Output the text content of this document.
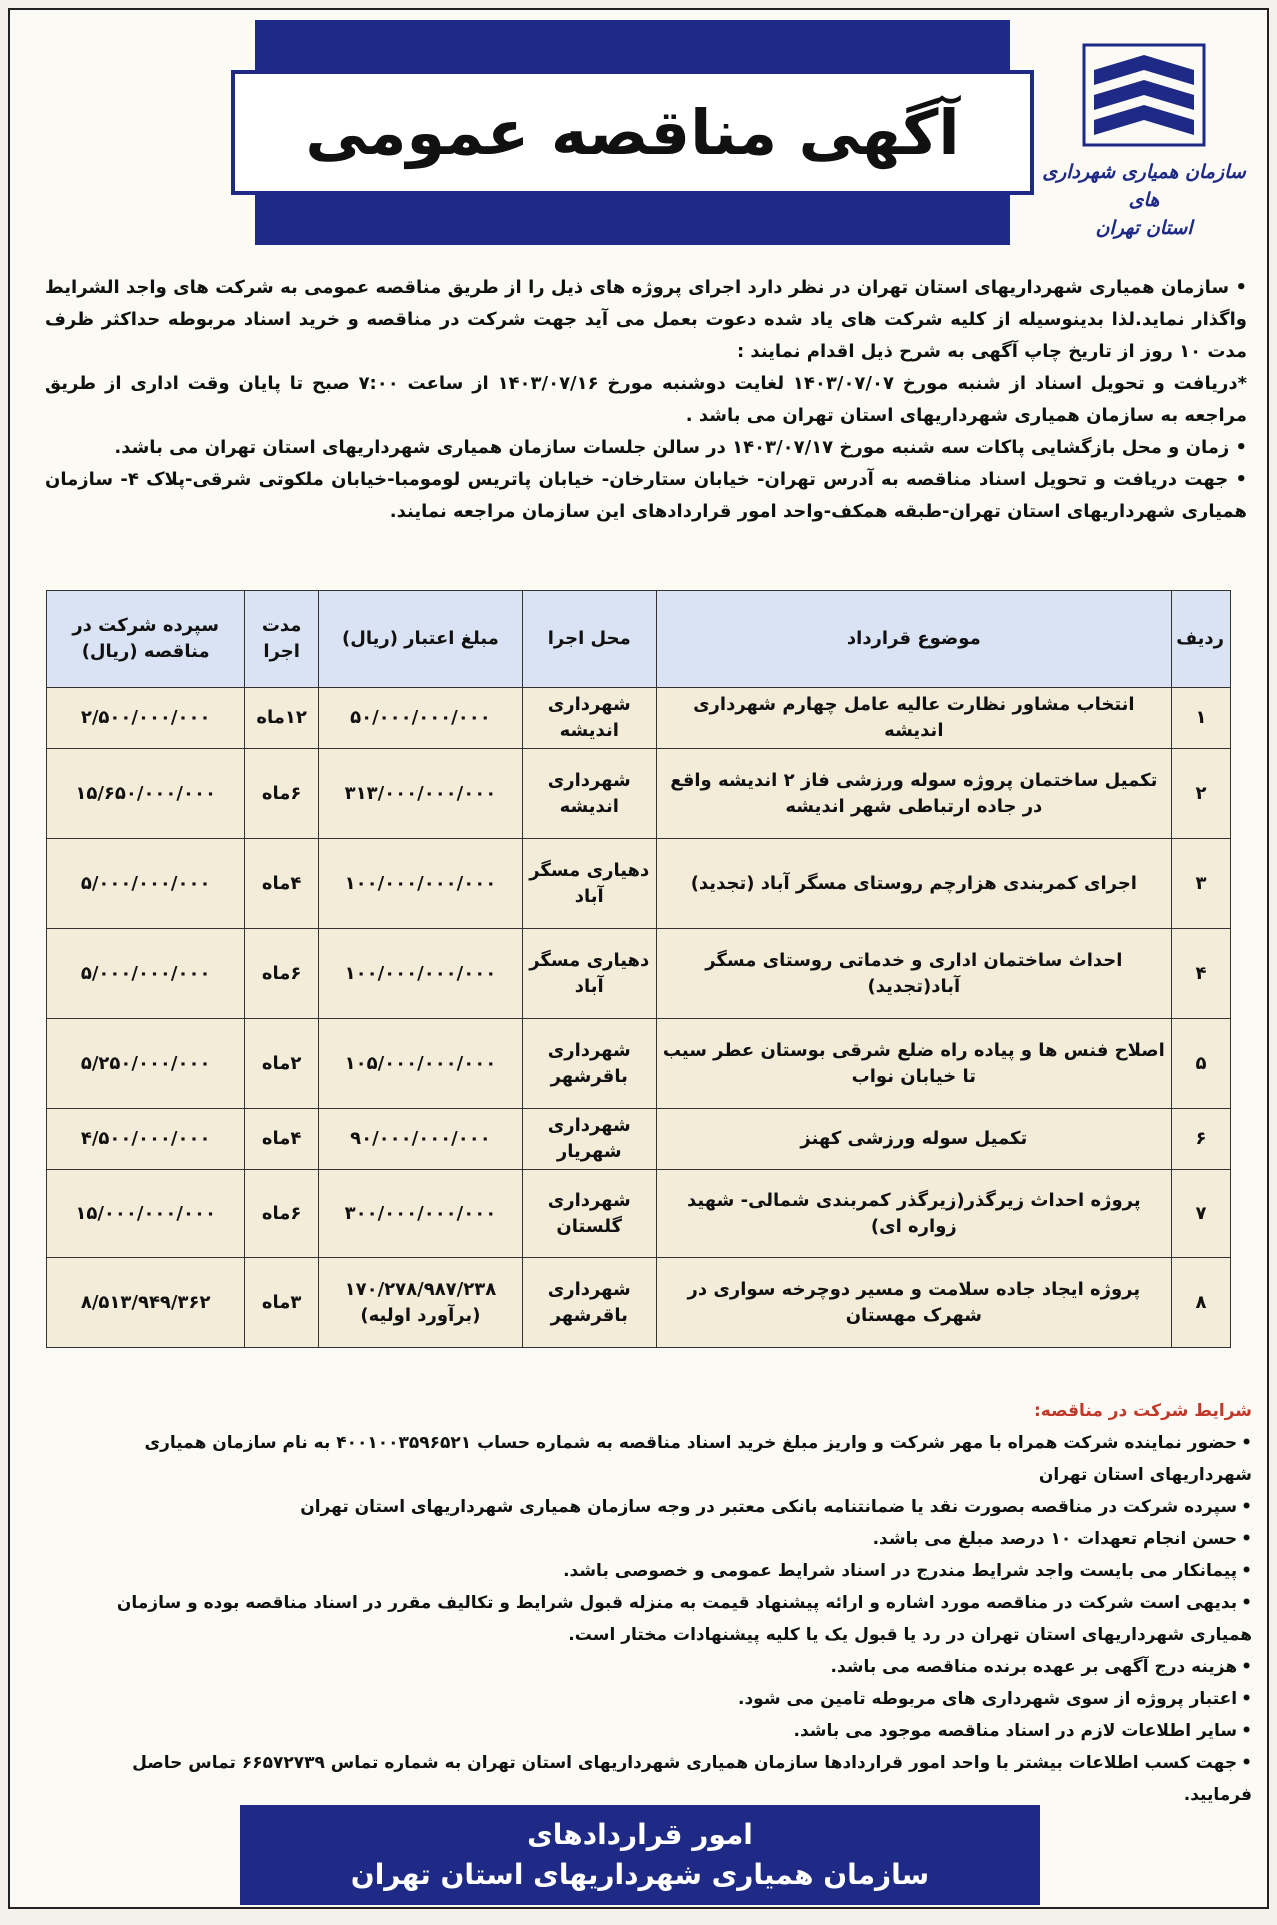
آگهی مناقصه عمومی
سازمان همیاری شهرداری های
استان تهران

• سازمان همیاری شهرداریهای استان تهران در نظر دارد اجرای پروژه های ذیل را از طریق مناقصه عمومی به شرکت های واجد الشرایط واگذار نماید.لذا بدینوسیله از کلیه شرکت های یاد شده دعوت بعمل می آید جهت شرکت در مناقصه و خرید اسناد مربوطه حداکثر ظرف مدت ۱۰ روز از تاریخ چاپ آگهی به شرح ذیل اقدام نمایند :

*دریافت و تحویل اسناد از شنبه مورخ ۱۴۰۳/۰۷/۰۷ لغایت دوشنبه مورخ ۱۴۰۳/۰۷/۱۶ از ساعت ۷:۰۰ صبح تا پایان وقت اداری از طریق مراجعه به سازمان همیاری شهرداریهای استان تهران می باشد .

• زمان و محل بازگشایی پاکات سه شنبه مورخ ۱۴۰۳/۰۷/۱۷ در سالن جلسات سازمان همیاری شهرداریهای استان تهران می باشد.

• جهت دریافت و تحویل اسناد مناقصه به آدرس تهران- خیابان ستارخان- خیابان پاتریس لومومبا-خیابان ملکوتی شرقی-پلاک ۴- سازمان همیاری شهرداریهای استان تهران-طبقه همکف-واحد امور قراردادهای این سازمان مراجعه نمایند.

ردیف	موضوع قرارداد	محل اجرا	مبلغ اعتبار (ریال)	مدت اجرا	سپرده شرکت در مناقصه (ریال)
۱	انتخاب مشاور نظارت عالیه عامل چهارم شهرداری اندیشه	شهرداری اندیشه	۵۰/۰۰۰/۰۰۰/۰۰۰	۱۲ماه	۲/۵۰۰/۰۰۰/۰۰۰
۲	تکمیل ساختمان پروژه سوله ورزشی فاز ۲ اندیشه واقع در جاده ارتباطی شهر اندیشه	شهرداری اندیشه	۳۱۳/۰۰۰/۰۰۰/۰۰۰	۶ماه	۱۵/۶۵۰/۰۰۰/۰۰۰
۳	اجرای کمربندی هزارچم روستای مسگر آباد (تجدید)	دهیاری مسگر آباد	۱۰۰/۰۰۰/۰۰۰/۰۰۰	۴ماه	۵/۰۰۰/۰۰۰/۰۰۰
۴	احداث ساختمان اداری و خدماتی روستای مسگر آباد(تجدید)	دهیاری مسگر آباد	۱۰۰/۰۰۰/۰۰۰/۰۰۰	۶ماه	۵/۰۰۰/۰۰۰/۰۰۰
۵	اصلاح فنس ها و پیاده راه ضلع شرقی بوستان عطر سیب تا خیابان نواب	شهرداری باقرشهر	۱۰۵/۰۰۰/۰۰۰/۰۰۰	۲ماه	۵/۲۵۰/۰۰۰/۰۰۰
۶	تکمیل سوله ورزشی کهنز	شهرداری شهریار	۹۰/۰۰۰/۰۰۰/۰۰۰	۴ماه	۴/۵۰۰/۰۰۰/۰۰۰
۷	پروژه احداث زیرگذر(زیرگذر کمربندی شمالی- شهید زواره ای)	شهرداری گلستان	۳۰۰/۰۰۰/۰۰۰/۰۰۰	۶ماه	۱۵/۰۰۰/۰۰۰/۰۰۰
۸	پروژه ایجاد جاده سلامت و مسیر دوچرخه سواری در شهرک مهستان	شهرداری باقرشهر	۱۷۰/۲۷۸/۹۸۷/۲۳۸ (برآورد اولیه)	۳ماه	۸/۵۱۳/۹۴۹/۳۶۲
شرایط شرکت در مناقصه:
• حضور نماینده شرکت همراه با مهر شرکت و واریز مبلغ خرید اسناد مناقصه به شماره حساب ۴۰۰۱۰۰۳۵۹۶۵۲۱ به نام سازمان همیاری شهرداریهای استان تهران
• سپرده شرکت در مناقصه بصورت نقد یا ضمانتنامه بانکی معتبر در وجه سازمان همیاری شهرداریهای استان تهران
• حسن انجام تعهدات ۱۰ درصد مبلغ می باشد.
• پیمانکار می بایست واجد شرایط مندرج در اسناد شرایط عمومی و خصوصی باشد.
• بدیهی است شرکت در مناقصه مورد اشاره و ارائه پیشنهاد قیمت به منزله قبول شرایط و تکالیف مقرر در اسناد مناقصه بوده و سازمان همیاری شهرداریهای استان تهران در رد یا قبول یک یا کلیه پیشنهادات مختار است.
• هزینه درج آگهی بر عهده برنده مناقصه می باشد.
• اعتبار پروژه از سوی شهرداری های مربوطه تامین می شود.
• سایر اطلاعات لازم در اسناد مناقصه موجود می باشد.
• جهت کسب اطلاعات بیشتر با واحد امور قراردادها سازمان همیاری شهرداریهای استان تهران به شماره تماس ۶۶۵۷۲۷۳۹ تماس حاصل فرمایید.
امور قراردادهای
سازمان همیاری شهرداریهای استان تهران
